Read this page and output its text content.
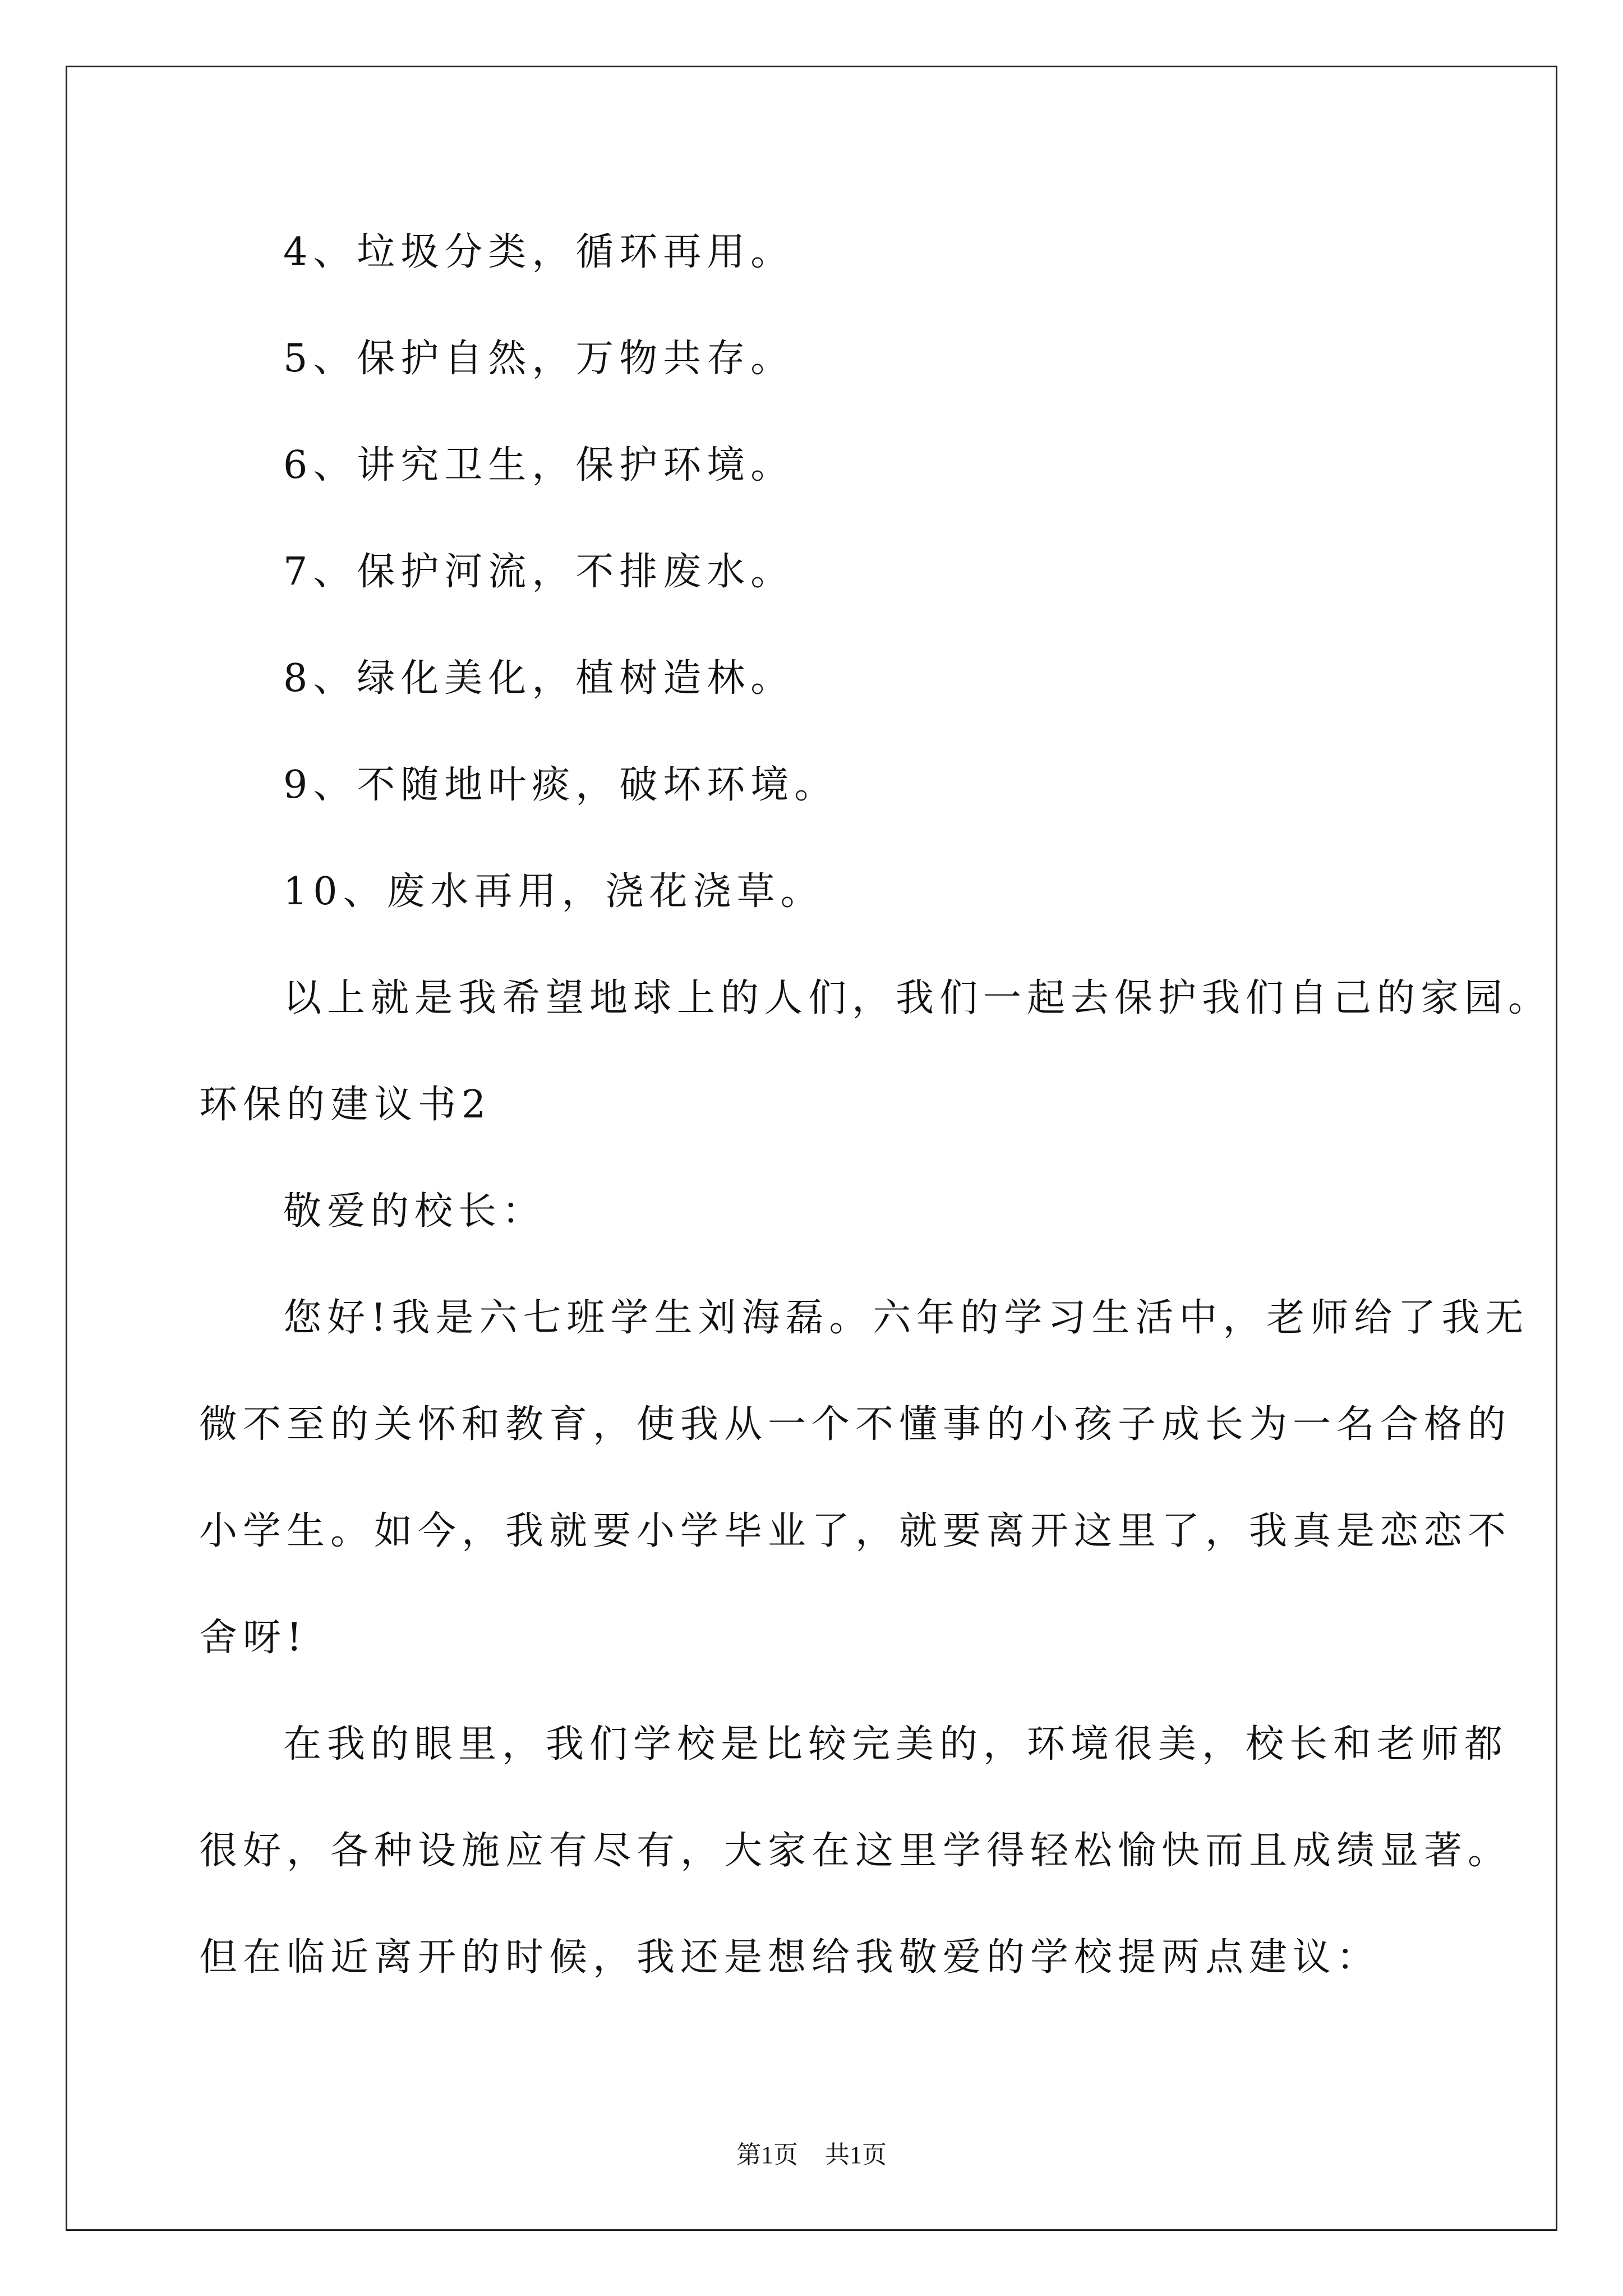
4、垃圾分类，循环再用。
5、保护自然，万物共存。
6、讲究卫生，保护环境。
7、保护河流，不排废水。
8、绿化美化，植树造林。
9、不随地叶痰，破坏环境。
10、废水再用，浇花浇草。
以上就是我希望地球上的人们，我们一起去保护我们自己的家园。
环保的建议书2
敬爱的校长：
您好!我是六七班学生刘海磊。六年的学习生活中，老师给了我无
微不至的关怀和教育，使我从一个不懂事的小孩子成长为一名合格的
小学生。如今，我就要小学毕业了，就要离开这里了，我真是恋恋不
舍呀!
在我的眼里，我们学校是比较完美的，环境很美，校长和老师都
很好，各种设施应有尽有，大家在这里学得轻松愉快而且成绩显著。
但在临近离开的时候，我还是想给我敬爱的学校提两点建议：
第1页 共1页
